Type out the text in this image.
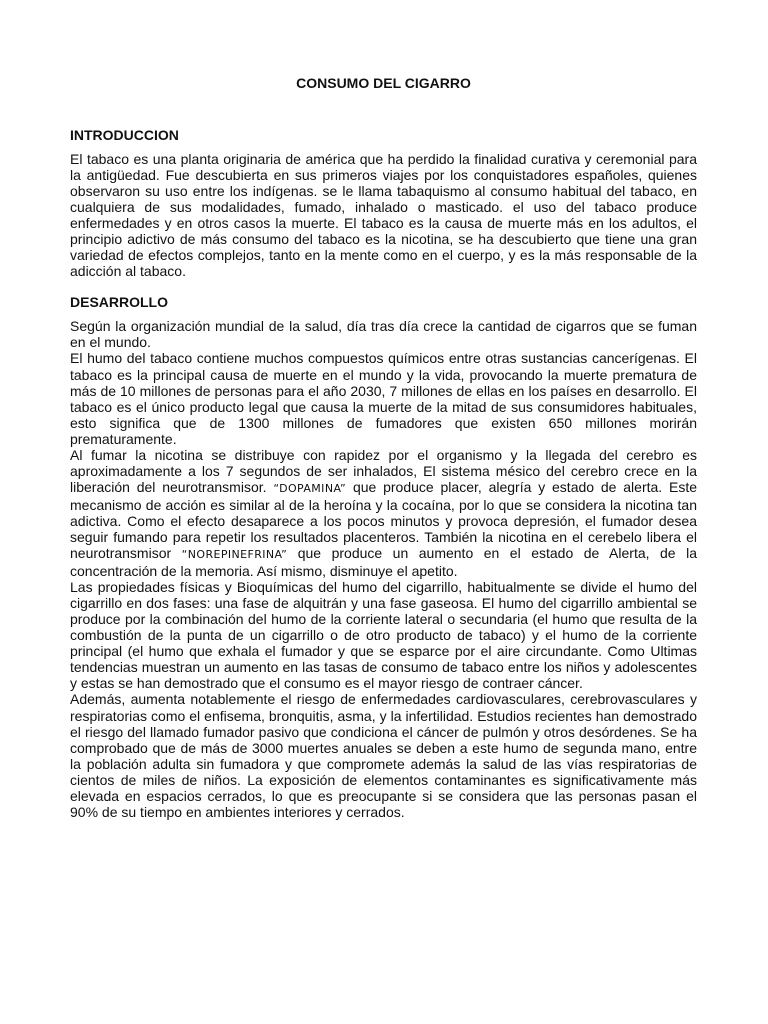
CONSUMO DEL CIGARRO
INTRODUCCION

El tabaco es una planta originaria de américa que ha perdido la finalidad curativa y ceremonial para la antigüedad. Fue descubierta en sus primeros viajes por los conquistadores españoles, quienes observaron su uso entre los indígenas. se le llama tabaquismo al consumo habitual del tabaco, en cualquiera de sus modalidades, fumado, inhalado o masticado. el uso del tabaco produce enfermedades y en otros casos la muerte. El tabaco es la causa de muerte más en los adultos, el principio adictivo de más consumo del tabaco es la nicotina, se ha descubierto que tiene una gran variedad de efectos complejos, tanto en la mente como en el cuerpo, y es la más responsable de la adicción al tabaco.

DESARROLLO

Según la organización mundial de la salud, día tras día crece la cantidad de cigarros que se fuman en el mundo.

El humo del tabaco contiene muchos compuestos químicos entre otras sustancias cancerígenas. El tabaco es la principal causa de muerte en el mundo y la vida, provocando la muerte prematura de más de 10 millones de personas para el año 2030, 7 millones de ellas en los países en desarrollo. El tabaco es el único producto legal que causa la muerte de la mitad de sus consumidores habituales, esto significa que de 1300 millones de fumadores que existen 650 millones morirán prematuramente.

Al fumar la nicotina se distribuye con rapidez por el organismo y la llegada del cerebro es aproximadamente a los 7 segundos de ser inhalados, El sistema mésico del cerebro crece en la liberación del neurotransmisor. “DOPAMINA” que produce placer, alegría y estado de alerta. Este mecanismo de acción es similar al de la heroína y la cocaína, por lo que se considera la nicotina tan adictiva. Como el efecto desaparece a los pocos minutos y provoca depresión, el fumador desea seguir fumando para repetir los resultados placenteros. También la nicotina en el cerebelo libera el neurotransmisor “NOREPINEFRINA” que produce un aumento en el estado de Alerta, de la concentración de la memoria. Así mismo, disminuye el apetito.

Las propiedades físicas y Bioquímicas del humo del cigarrillo, habitualmente se divide el humo del cigarrillo en dos fases: una fase de alquitrán y una fase gaseosa. El humo del cigarrillo ambiental se produce por la combinación del humo de la corriente lateral o secundaria (el humo que resulta de la combustión de la punta de un cigarrillo o de otro producto de tabaco) y el humo de la corriente principal (el humo que exhala el fumador y que se esparce por el aire circundante. Como Ultimas tendencias muestran un aumento en las tasas de consumo de tabaco entre los niños y adolescentes y estas se han demostrado que el consumo es el mayor riesgo de contraer cáncer.

Además, aumenta notablemente el riesgo de enfermedades cardiovasculares, cerebrovasculares y respiratorias como el enfisema, bronquitis, asma, y la infertilidad. Estudios recientes han demostrado el riesgo del llamado fumador pasivo que condiciona el cáncer de pulmón y otros desórdenes. Se ha comprobado que de más de 3000 muertes anuales se deben a este humo de segunda mano, entre la población adulta sin fumadora y que compromete además la salud de las vías respiratorias de cientos de miles de niños. La exposición de elementos contaminantes es significativamente más elevada en espacios cerrados, lo que es preocupante si se considera que las personas pasan el 90% de su tiempo en ambientes interiores y cerrados.
